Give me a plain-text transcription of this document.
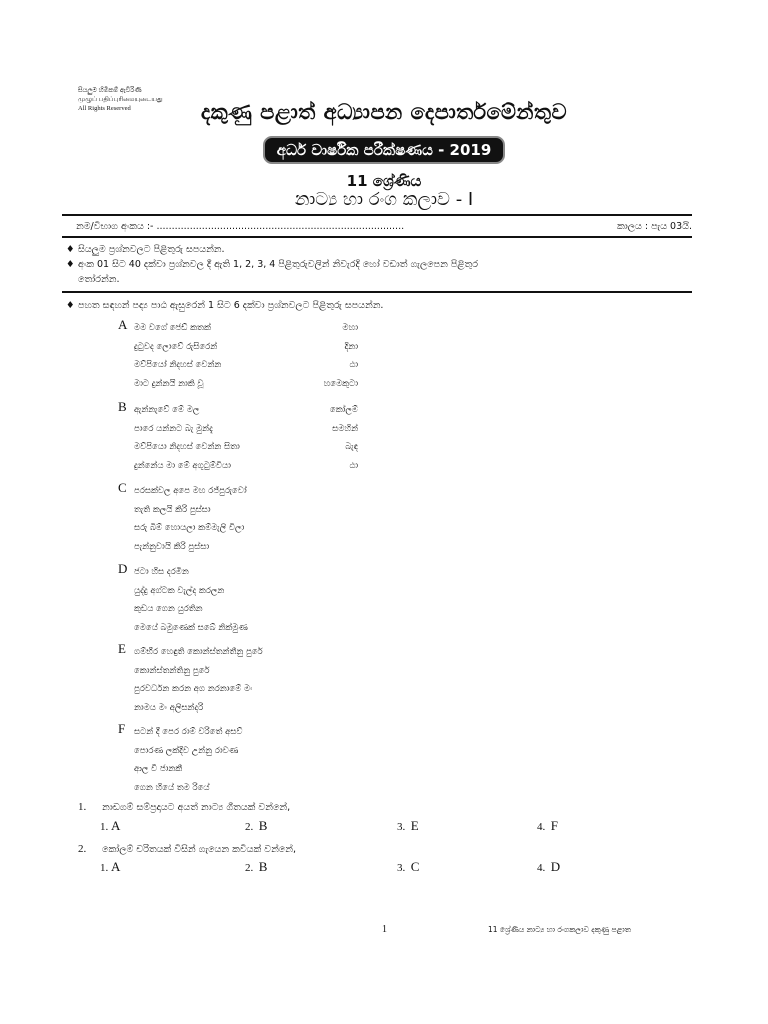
සියලුම හිමිකම් ඇවිරිණි
முழுப் பதிப்புரிமையுடையது
All Rights Reserved	දකුණු පළාත් අධ්‍යාපන දෙපාර්තමේන්තුව
අර්ධ වාර්ෂික පරීක්ෂණය - 2019
11 ශ්‍රේණිය
නාට්‍ය හා රංග කලාව - I
නම/විභාග අංකය :- ..................................................................................	කාලය : පැය 03යි.
♦ සියලුම ප්‍රශ්නවලට පිළිතුරු සපයන්න.
♦ අංක 01 සිට 40 දක්වා ප්‍රශ්නවල දී ඇති 1, 2, 3, 4 පිළිතුරුවලින් නිවැරදි හෝ වඩාත් ගැලපෙන පිළිතුර
තෝරන්න.
♦ පහත සඳහන් පද්‍ය පාඨ ඇසුරෙන් 1 සිට 6 දක්වා ප්‍රශ්නවලට පිළිතුරු සපයන්න.
A මම වගේ ජෙඩ් කතක්	මහා
දුටුවද ලොවේ රුසිරෙන්	දිනා
මව්පියෝ නිදහස් වෙන්න	ඨා
මාට දුන්නයි නාකි වූ	හමෙකුටා
B ඇන්නැවේ මේ මල	කෝලම්
පාරෙ යන්නට බැ මුන්දැ	සමහින්
මව්පියො නිදහස් වෙන්න සිතා	බැඳ
දුන්නේය මා මේ අගුටුම්වියා	ඨා
C පරසක්වල අපෙ මහ රජ්පුරුවෝ
තැති කලයි කිරි පුස්සා
සරු බිම් හොයලා කම්මැලි විලා
පැන්නුවායි කිරි පුස්සා
D ජටා හිස දරමින
යුද්දු අග්ටක වැල්ද කරලන
කුඩය ගෙන යුරතින
මෙයේ බමුණෙක් සබේ නික්මුණ
E ගම්භීර හෙඳුති කොන්ස්තන්තීනු පුරේ
කොන්ස්තන්තිනු පුරේ
පුරවර්ධන කරන අග නරනාමේ මං
නාමය මං අලිසන්දරි
F	සටන් දී පෙර රාම් වරිතේ අසව්
පොරණ ලක්දිව උන්නු රාවණ
ආල වී ජානකී
ගෙන හියේ තම රියේ
1. නාඩගම් සම්ප්‍රදායට අයත් නාට්‍ය ගීතයක් වන්නේ,
1. A	2. B	3. E	4. F
2. කෝලම් චරිතයක් විසින් ගැයෙන කවියක් වන්නේ,
1. A	2. B	3. C	4. D
1	11 ශ්‍රේණිය නාට්‍ය හා රංගකලාව දකුණු පළාත
